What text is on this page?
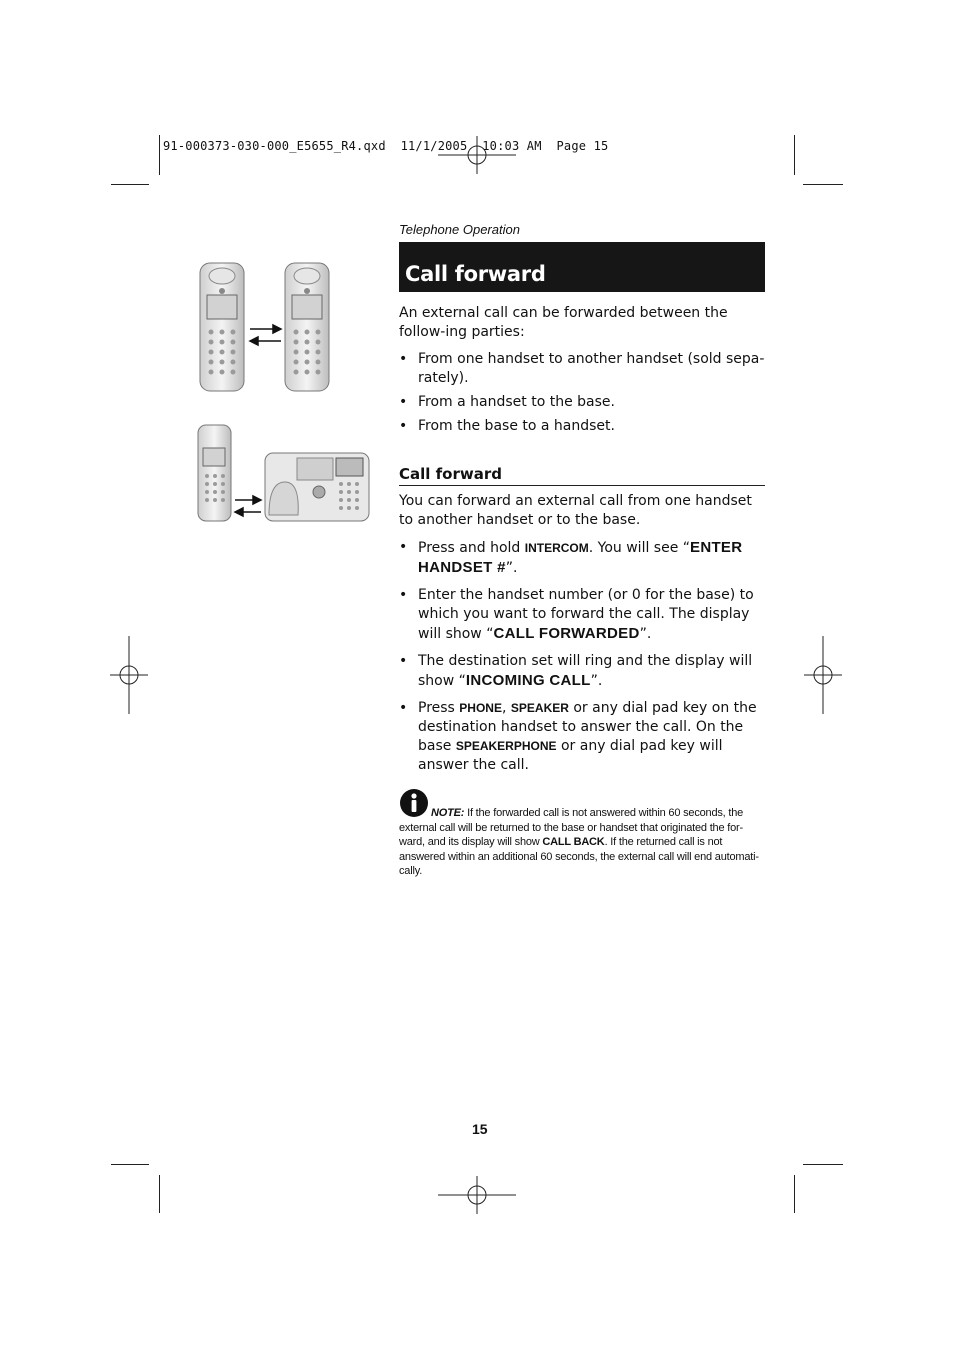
91-000373-030-000_E5655_R4.qxd  11/1/2005  10:03 AM  Page 15
Telephone Operation
Call forward
An external call can be forwarded between the follow-ing parties:
• From one handset to another handset (sold sepa-rately).
• From a handset to the base.
• From the base to a handset.
Call forward
You can forward an external call from one handset to another handset or to the base.
• Press and hold INTERCOM. You will see “ENTER HANDSET #”.
• Enter the handset number (or 0 for the base) to which you want to forward the call. The display will show “CALL FORWARDED”.
• The destination set will ring and the display will show “INCOMING CALL”.
• Press PHONE, SPEAKER or any dial pad key on the destination handset to answer the call. On the base SPEAKERPHONE or any dial pad key will answer the call.
NOTE: If the forwarded call is not answered within 60 seconds, the external call will be returned to the base or handset that originated the for-ward, and its display will show CALL BACK. If the returned call is not answered within an additional 60 seconds, the external call will end automati-cally.
15
